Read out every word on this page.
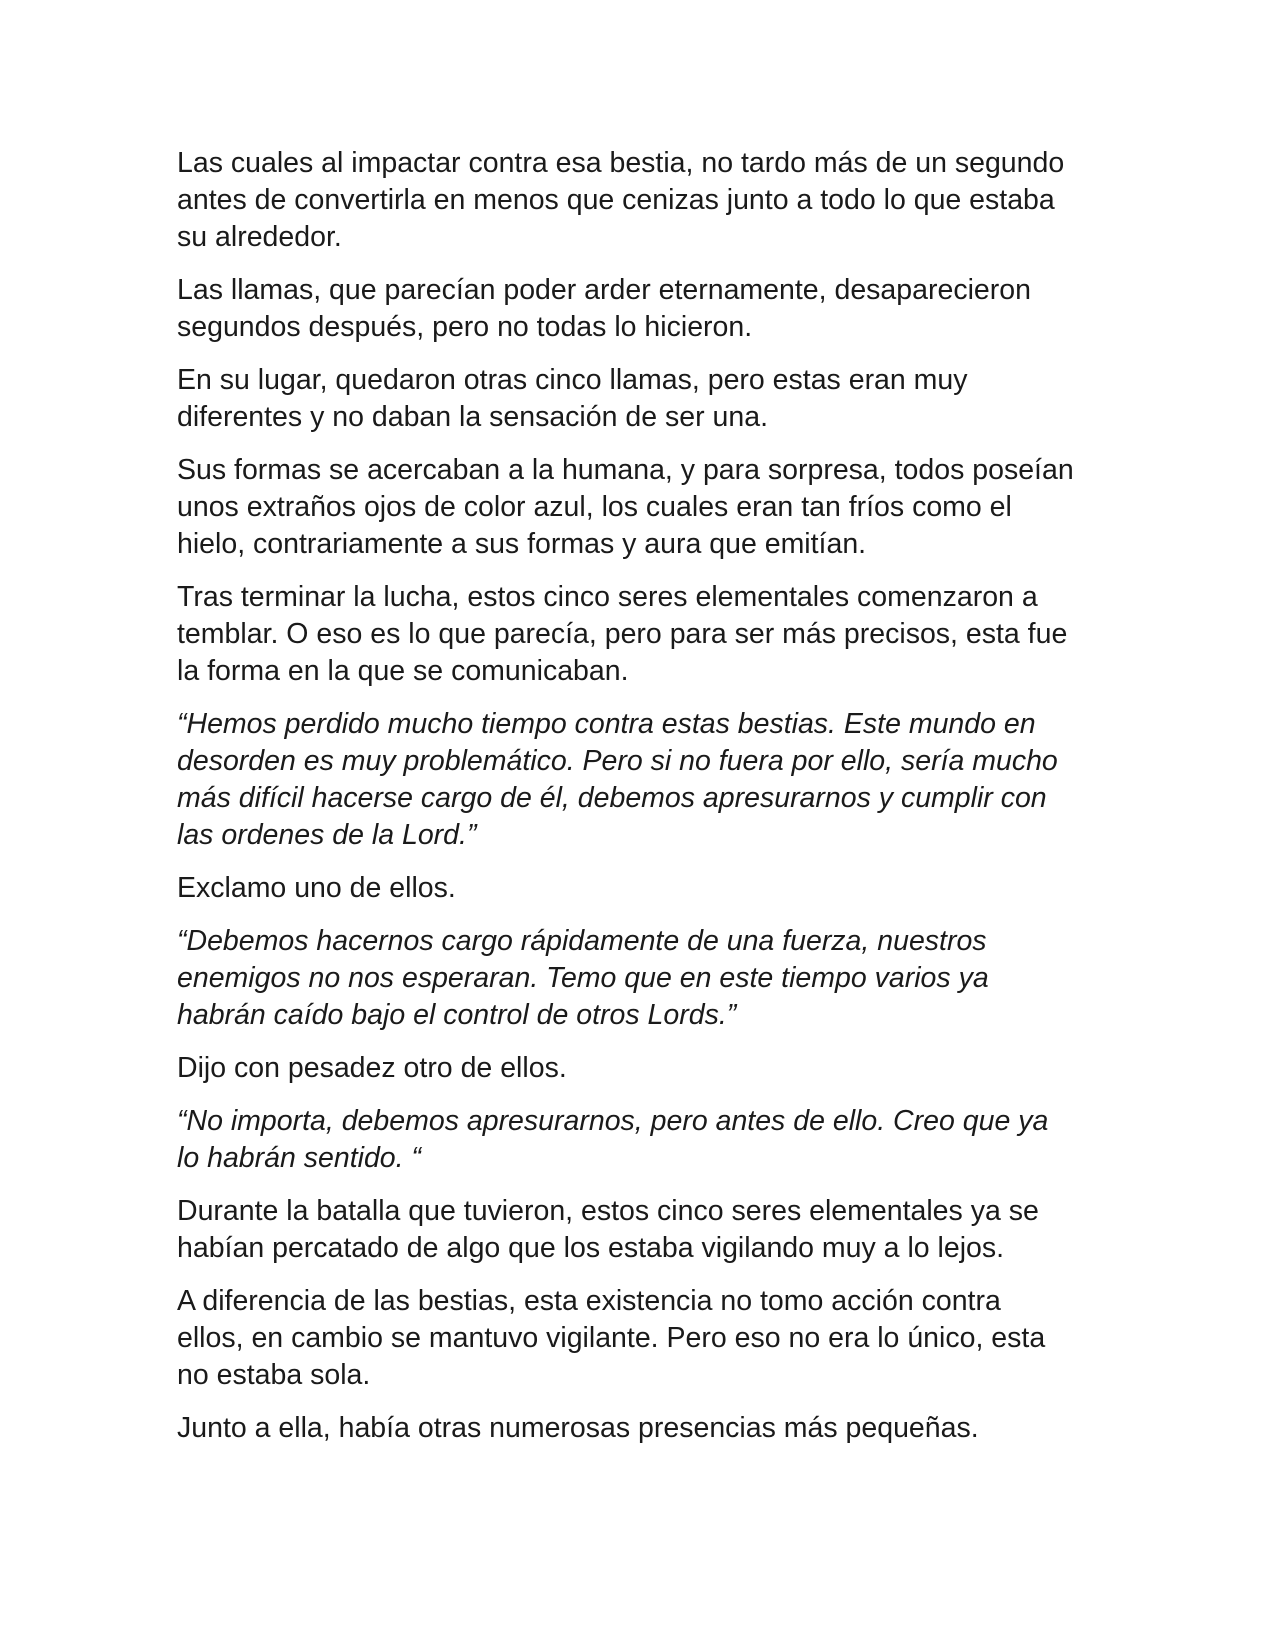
Las cuales al impactar contra esa bestia, no tardo más de un segundo
antes de convertirla en menos que cenizas junto a todo lo que estaba
su alrededor.

Las llamas, que parecían poder arder eternamente, desaparecieron
segundos después, pero no todas lo hicieron.

En su lugar, quedaron otras cinco llamas, pero estas eran muy
diferentes y no daban la sensación de ser una.

Sus formas se acercaban a la humana, y para sorpresa, todos poseían
unos extraños ojos de color azul, los cuales eran tan fríos como el
hielo, contrariamente a sus formas y aura que emitían.

Tras terminar la lucha, estos cinco seres elementales comenzaron a
temblar. O eso es lo que parecía, pero para ser más precisos, esta fue
la forma en la que se comunicaban.

“Hemos perdido mucho tiempo contra estas bestias. Este mundo en
desorden es muy problemático. Pero si no fuera por ello, sería mucho
más difícil hacerse cargo de él, debemos apresurarnos y cumplir con
las ordenes de la Lord.”

Exclamo uno de ellos.

“Debemos hacernos cargo rápidamente de una fuerza, nuestros
enemigos no nos esperaran. Temo que en este tiempo varios ya
habrán caído bajo el control de otros Lords.”

Dijo con pesadez otro de ellos.

“No importa, debemos apresurarnos, pero antes de ello. Creo que ya
lo habrán sentido. “

Durante la batalla que tuvieron, estos cinco seres elementales ya se
habían percatado de algo que los estaba vigilando muy a lo lejos.

A diferencia de las bestias, esta existencia no tomo acción contra
ellos, en cambio se mantuvo vigilante. Pero eso no era lo único, esta
no estaba sola.

Junto a ella, había otras numerosas presencias más pequeñas.
